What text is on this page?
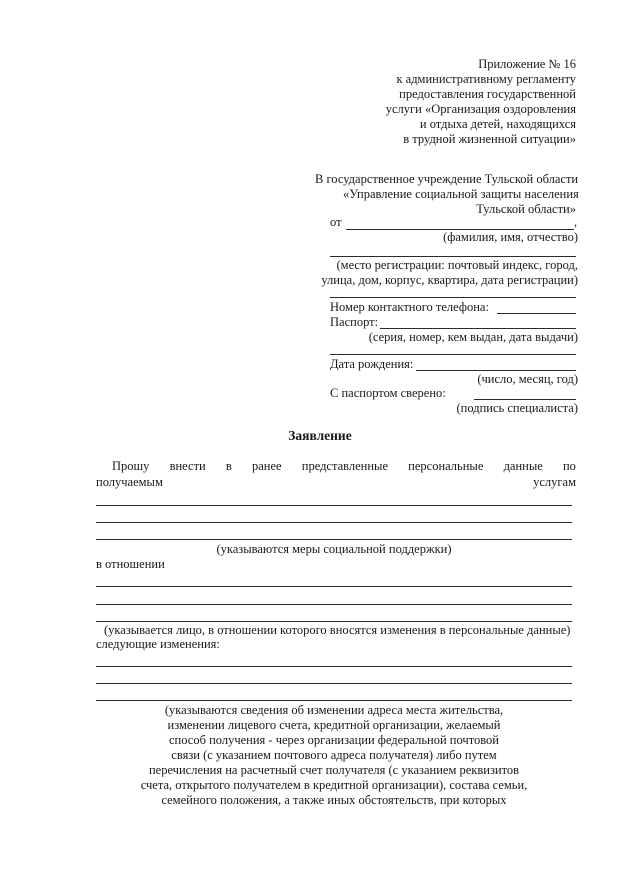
Приложение № 16
к административному регламенту
предоставления государственной
услуги «Организация оздоровления
и отдыха детей, находящихся
в трудной жизненной ситуации»
В государственное учреждение Тульской области
«Управление социальной защиты населения
Тульской области»
от	,
(фамилия, имя, отчество)
(место регистрации: почтовый индекс, город,
улица, дом, корпус, квартира, дата регистрации)
Номер контактного телефона:
Паспорт:
(серия, номер, кем выдан, дата выдачи)
Дата рождения:
(число, месяц, год)
С паспортом сверено:
(подпись специалиста)
Заявление
Прошу внести в ранее представленные персональные данные по
получаемым	услугам
(указываются меры социальной поддержки)
в отношении
(указывается лицо, в отношении которого вносятся изменения в персональные данные)
следующие изменения:
(указываются сведения об изменении адреса места жительства,
изменении лицевого счета, кредитной организации, желаемый
способ получения - через организации федеральной почтовой
связи (с указанием почтового адреса получателя) либо путем
перечисления на расчетный счет получателя (с указанием реквизитов
счета, открытого получателем в кредитной организации), состава семьи,
семейного положения, а также иных обстоятельств, при которых
